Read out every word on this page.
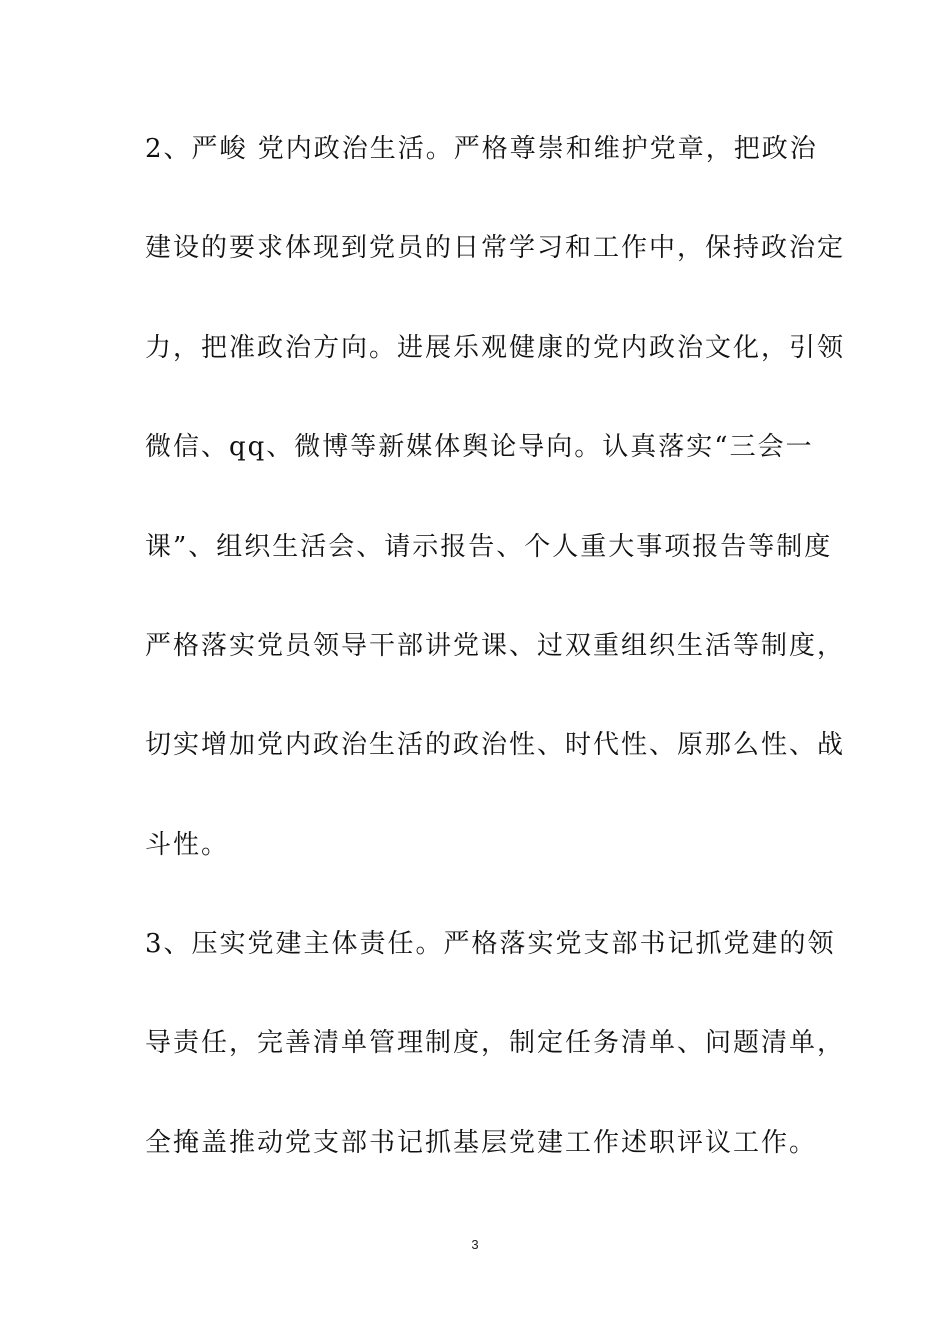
2、严峻 党内政治生活。严格尊崇和维护党章，把政治
建设的要求体现到党员的日常学习和工作中，保持政治定
力，把准政治方向。进展乐观健康的党内政治文化，引领
微信、qq、微博等新媒体舆论导向。认真落实“三会一
课”、组织生活会、请示报告、个人重大事项报告等制度
严格落实党员领导干部讲党课、过双重组织生活等制度，
切实增加党内政治生活的政治性、时代性、原那么性、战
斗性。
3、压实党建主体责任。严格落实党支部书记抓党建的领
导责任，完善清单管理制度，制定任务清单、问题清单，
全掩盖推动党支部书记抓基层党建工作述职评议工作。
3
